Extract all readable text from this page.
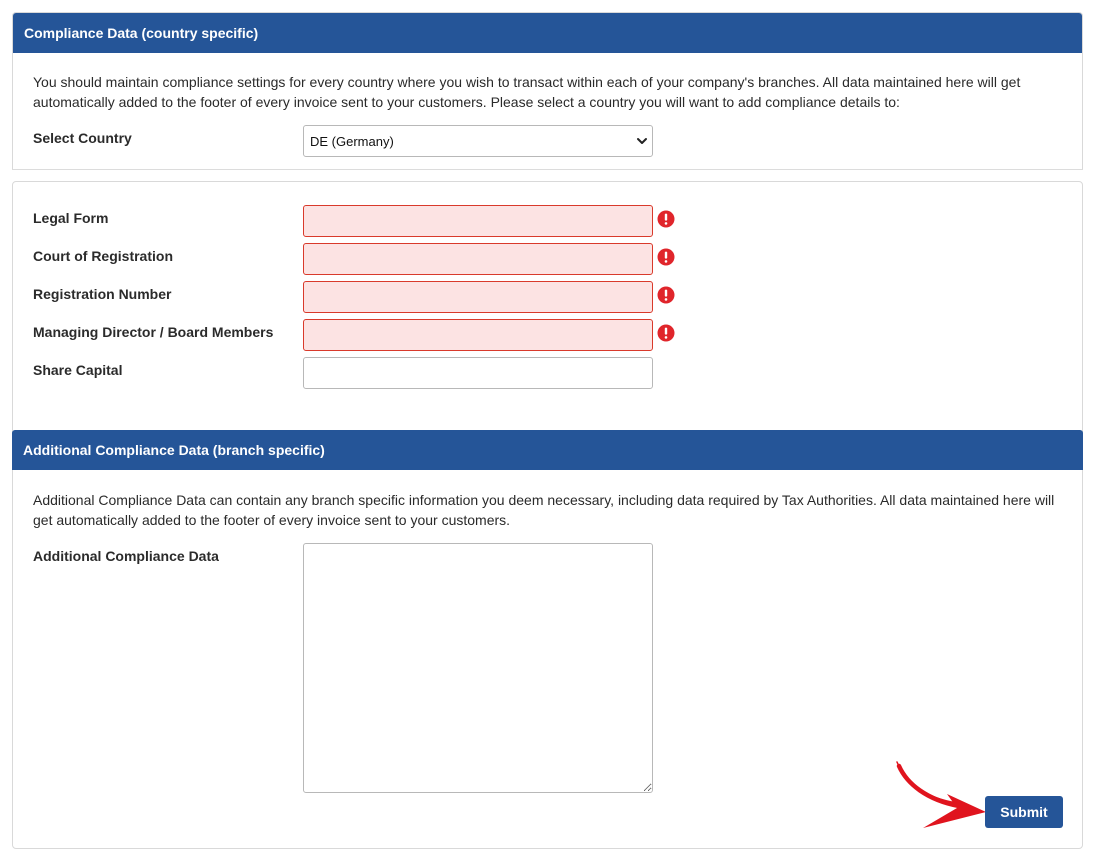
Compliance Data (country specific)
You should maintain compliance settings for every country where you wish to transact within each of your company's branches. All data maintained here will get automatically added to the footer of every invoice sent to your customers. Please select a country you will want to add compliance details to:
Select Country
DE (Germany)
Legal Form
Court of Registration
Registration Number
Managing Director / Board Members
Share Capital
Additional Compliance Data (branch specific)
Additional Compliance Data can contain any branch specific information you deem necessary, including data required by Tax Authorities. All data maintained here will get automatically added to the footer of every invoice sent to your customers.
Additional Compliance Data
Submit
